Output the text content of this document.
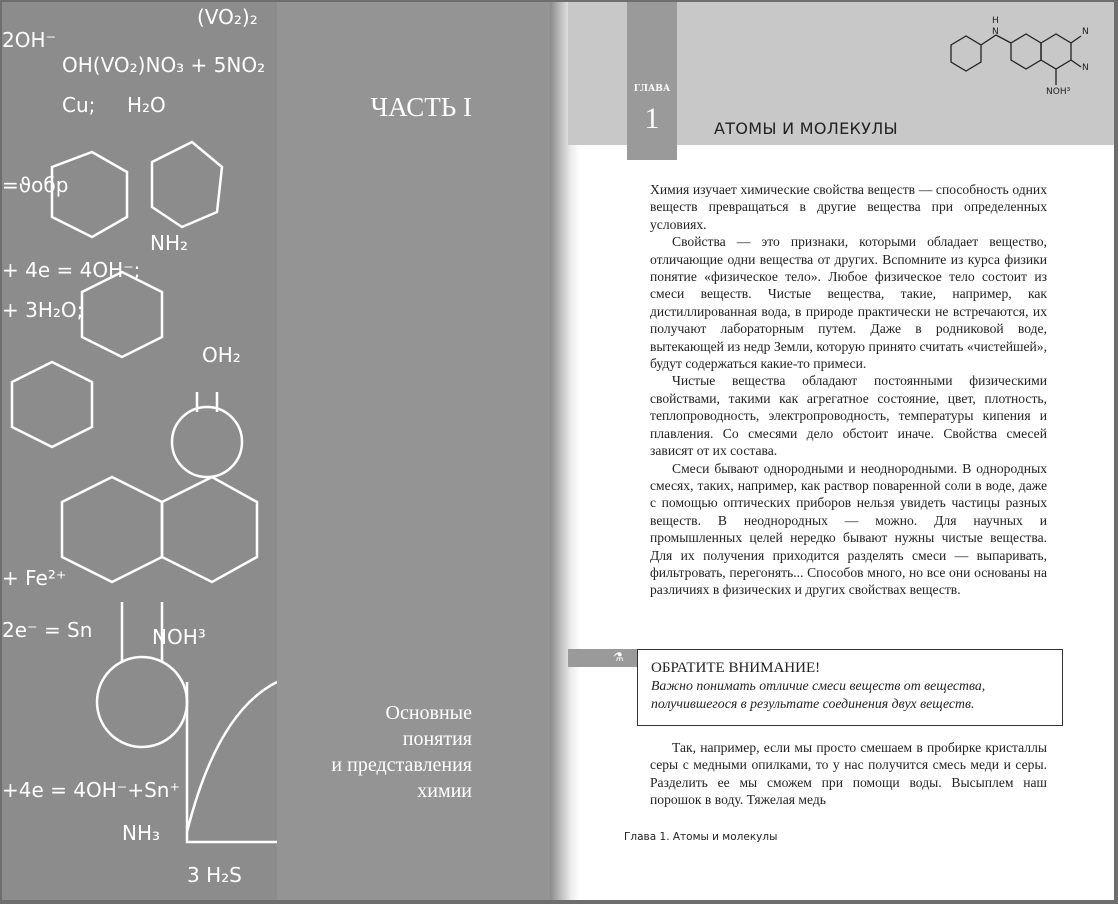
(VO₂)₂
OH(VO₂)NO₃ + 5NO₂
2OH⁻
Cu; H₂O
=ϑобр
+ 4e = 4OH⁻;
+ 3H₂O;
NH₂
OH₂
+ Fe²⁺
2e⁻ = Sn	NOH³
+4e = 4OH⁻+Sn⁺
NH₃
3 H₂S
ЧАСТЬ I
Основные
понятия
и представления
химии
ГЛАВА
1	АТОМЫ И МОЛЕКУЛЫ
H
N	N
N
NOH³

Химия изучает химические свойства веществ — способность одних веществ превращаться в другие вещества при определенных условиях.

Свойства — это признаки, которыми обладает вещество, отличающие одни вещества от других. Вспомните из курса физики понятие «физическое тело». Любое физическое тело состоит из смеси веществ. Чистые вещества, такие, например, как дистиллированная вода, в природе практически не встречаются, их получают лабораторным путем. Даже в родниковой воде, вытекающей из недр Земли, которую принято считать «чистейшей», будут содержаться какие-то примеси.

Чистые вещества обладают постоянными физическими свойствами, такими как агрегатное состояние, цвет, плотность, теплопроводность, электропроводность, температуры кипения и плавления. Со смесями дело обстоит иначе. Свойства смесей зависят от их состава.

Смеси бывают однородными и неоднородными. В однородных смесях, таких, например, как раствор поваренной соли в воде, даже с помощью оптических приборов нельзя увидеть частицы разных веществ. В неоднородных — можно. Для научных и промышленных целей нередко бывают нужны чистые вещества. Для их получения приходится разделять смеси — выпаривать, фильтровать, перегонять... Способов много, но все они основаны на различиях в физических и других свойствах веществ.

⚗
ОБРАТИТЕ ВНИМАНИЕ!
Важно понимать отличие смеси веществ от вещества, получившегося в результате соединения двух веществ.

Так, например, если мы просто смешаем в пробирке кристаллы серы с медными опилками, то у нас получится смесь меди и серы. Разделить ее мы сможем при помощи воды. Высыплем наш порошок в воду. Тяжелая медь

Глава 1. Атомы и молекулы
